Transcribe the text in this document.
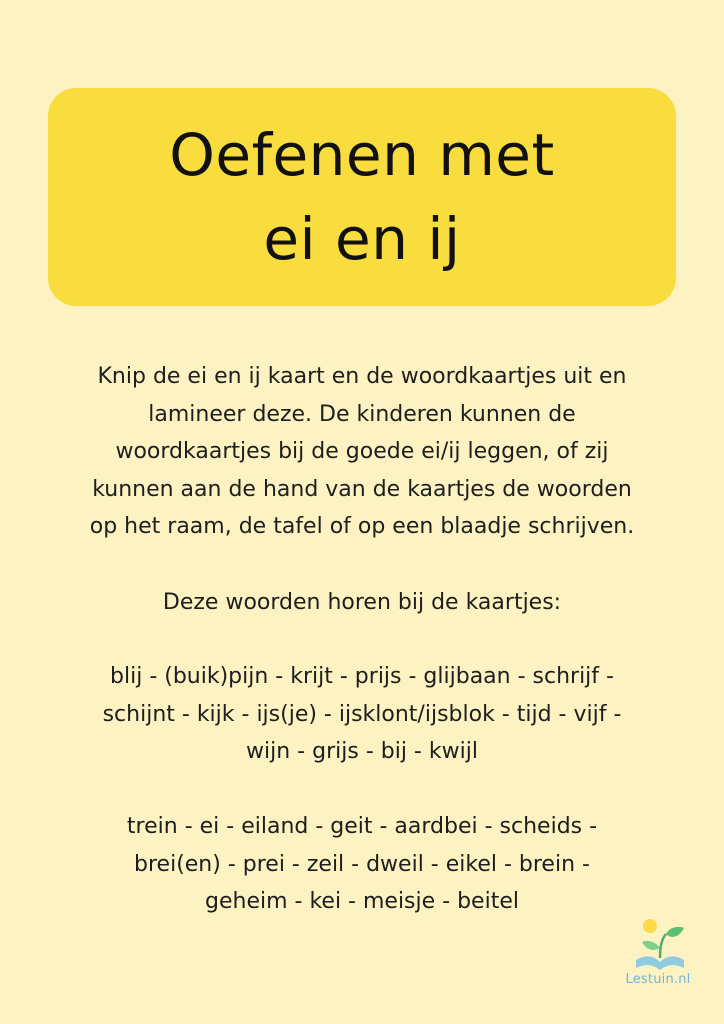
Oefenen met
ei en ij

Knip de ei en ij kaart en de woordkaartjes uit en
lamineer deze. De kinderen kunnen de
woordkaartjes bij de goede ei/ij leggen, of zij
kunnen aan de hand van de kaartjes de woorden
op het raam, de tafel of op een blaadje schrijven.

Deze woorden horen bij de kaartjes:

blij - (buik)pijn - krijt - prijs - glijbaan - schrijf -
schijnt - kijk - ijs(je) - ijsklont/ijsblok - tijd - vijf -
wijn - grijs - bij - kwijl

trein - ei - eiland - geit - aardbei - scheids -
brei(en) - prei - zeil - dweil - eikel - brein -
geheim - kei - meisje - beitel

Lestuin.nl
